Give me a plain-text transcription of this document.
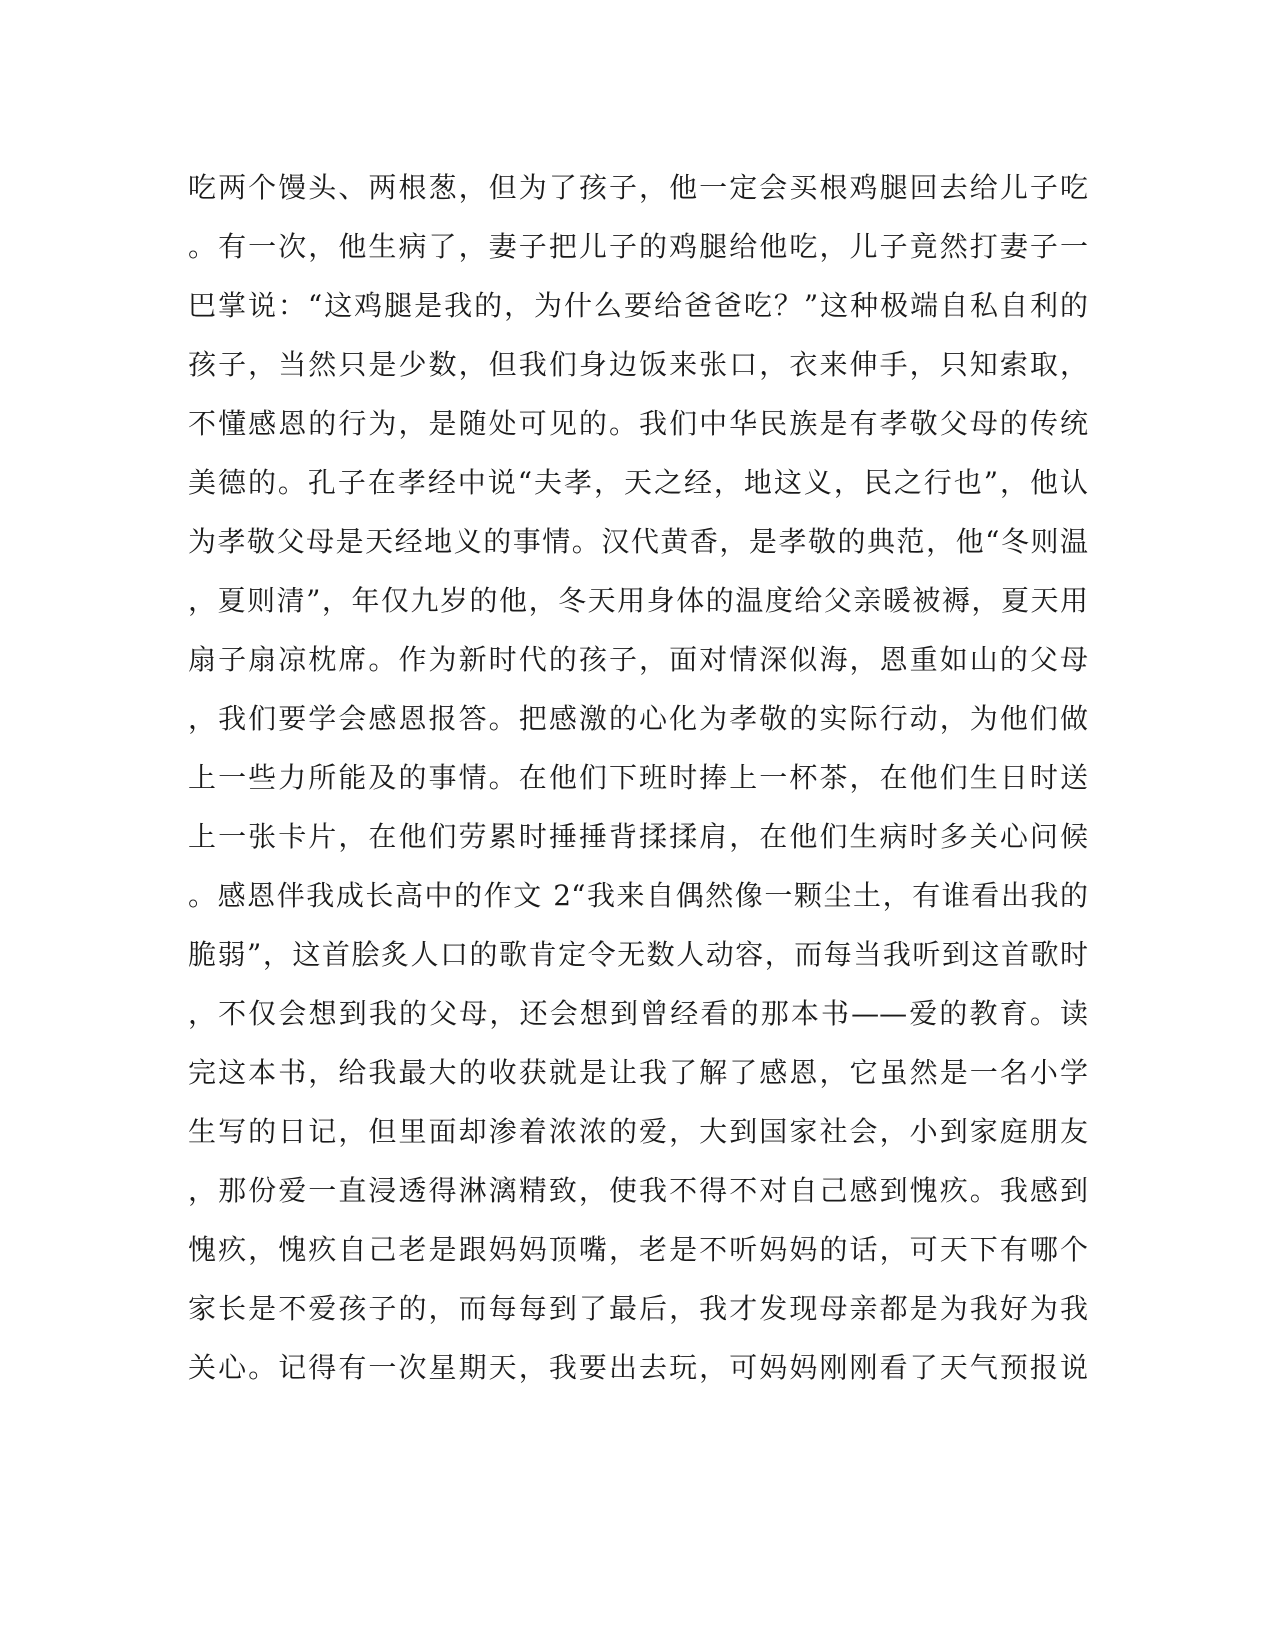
吃两个馒头、两根葱，但为了孩子，他一定会买根鸡腿回去给儿子吃
。有一次，他生病了，妻子把儿子的鸡腿给他吃，儿子竟然打妻子一
巴掌说：“这鸡腿是我的，为什么要给爸爸吃？”这种极端自私自利的
孩子，当然只是少数，但我们身边饭来张口，衣来伸手，只知索取，
不懂感恩的行为，是随处可见的。我们中华民族是有孝敬父母的传统
美德的。孔子在孝经中说“夫孝，天之经，地这义，民之行也”，他认
为孝敬父母是天经地义的事情。汉代黄香，是孝敬的典范，他“冬则温
，夏则清”，年仅九岁的他，冬天用身体的温度给父亲暖被褥，夏天用
扇子扇凉枕席。作为新时代的孩子，面对情深似海，恩重如山的父母
，我们要学会感恩报答。把感激的心化为孝敬的实际行动，为他们做
上一些力所能及的事情。在他们下班时捧上一杯茶，在他们生日时送
上一张卡片，在他们劳累时捶捶背揉揉肩，在他们生病时多关心问候
。感恩伴我成长高中的作文 2“我来自偶然像一颗尘土，有谁看出我的
脆弱”，这首脍炙人口的歌肯定令无数人动容，而每当我听到这首歌时
，不仅会想到我的父母，还会想到曾经看的那本书——爱的教育。读
完这本书，给我最大的收获就是让我了解了感恩，它虽然是一名小学
生写的日记，但里面却渗着浓浓的爱，大到国家社会，小到家庭朋友
，那份爱一直浸透得淋漓精致，使我不得不对自己感到愧疚。我感到
愧疚，愧疚自己老是跟妈妈顶嘴，老是不听妈妈的话，可天下有哪个
家长是不爱孩子的，而每每到了最后，我才发现母亲都是为我好为我
关心。记得有一次星期天，我要出去玩，可妈妈刚刚看了天气预报说
